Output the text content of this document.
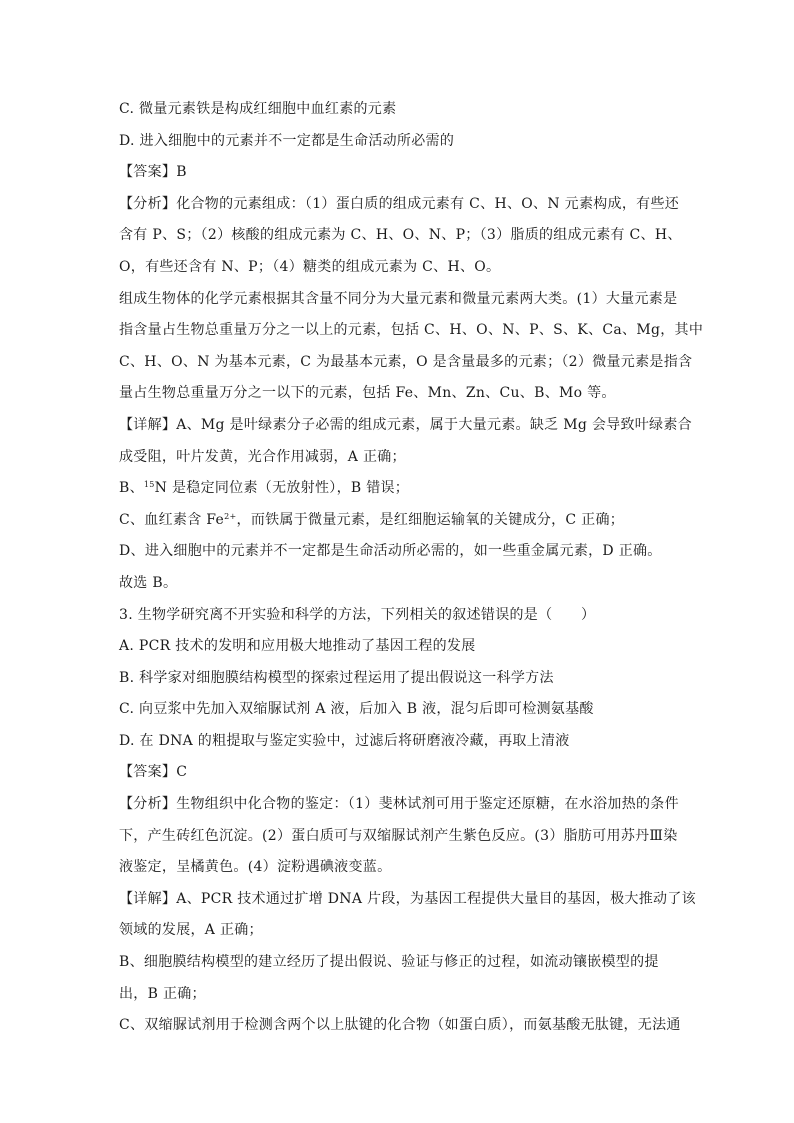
C. 微量元素铁是构成红细胞中血红素的元素
D. 进入细胞中的元素并不一定都是生命活动所必需的
【答案】B
【分析】化合物的元素组成：（1）蛋白质的组成元素有 C、H、O、N 元素构成，有些还
含有 P、S；（2）核酸的组成元素为 C、H、O、N、P；（3）脂质的组成元素有 C、H、
O，有些还含有 N、P；（4）糖类的组成元素为 C、H、O。
组成生物体的化学元素根据其含量不同分为大量元素和微量元素两大类。(1）大量元素是
指含量占生物总重量万分之一以上的元素，包括 C、H、O、N、P、S、K、Ca、Mg，其中
C、H、O、N 为基本元素，C 为最基本元素，O 是含量最多的元素；（2）微量元素是指含
量占生物总重量万分之一以下的元素，包括 Fe、Mn、Zn、Cu、B、Mo 等。
【详解】A、Mg 是叶绿素分子必需的组成元素，属于大量元素。缺乏 Mg 会导致叶绿素合
成受阻，叶片发黄，光合作用减弱，A 正确；
B、$^{15}$N 是稳定同位素（无放射性），B 错误；
C、血红素含 $Fe^{2+}$，而铁属于微量元素，是红细胞运输氧的关键成分，C 正确；
D、进入细胞中的元素并不一定都是生命活动所必需的，如一些重金属元素，D 正确。
故选 B。
3. 生物学研究离不开实验和科学的方法，下列相关的叙述错误的是（　　）
A. PCR 技术的发明和应用极大地推动了基因工程的发展
B. 科学家对细胞膜结构模型的探索过程运用了提出假说这一科学方法
C. 向豆浆中先加入双缩脲试剂 A 液，后加入 B 液，混匀后即可检测氨基酸
D. 在 DNA 的粗提取与鉴定实验中，过滤后将研磨液冷藏，再取上清液
【答案】C
【分析】生物组织中化合物的鉴定：（1）斐林试剂可用于鉴定还原糖，在水浴加热的条件
下，产生砖红色沉淀。(2）蛋白质可与双缩脲试剂产生紫色反应。(3）脂肪可用苏丹Ⅲ染
液鉴定，呈橘黄色。(4）淀粉遇碘液变蓝。
【详解】A、PCR 技术通过扩增 DNA 片段，为基因工程提供大量目的基因，极大推动了该
领域的发展，A 正确；
B、细胞膜结构模型的建立经历了提出假说、验证与修正的过程，如流动镶嵌模型的提
出，B 正确；
C、双缩脲试剂用于检测含两个以上肽键的化合物（如蛋白质），而氨基酸无肽键，无法通
